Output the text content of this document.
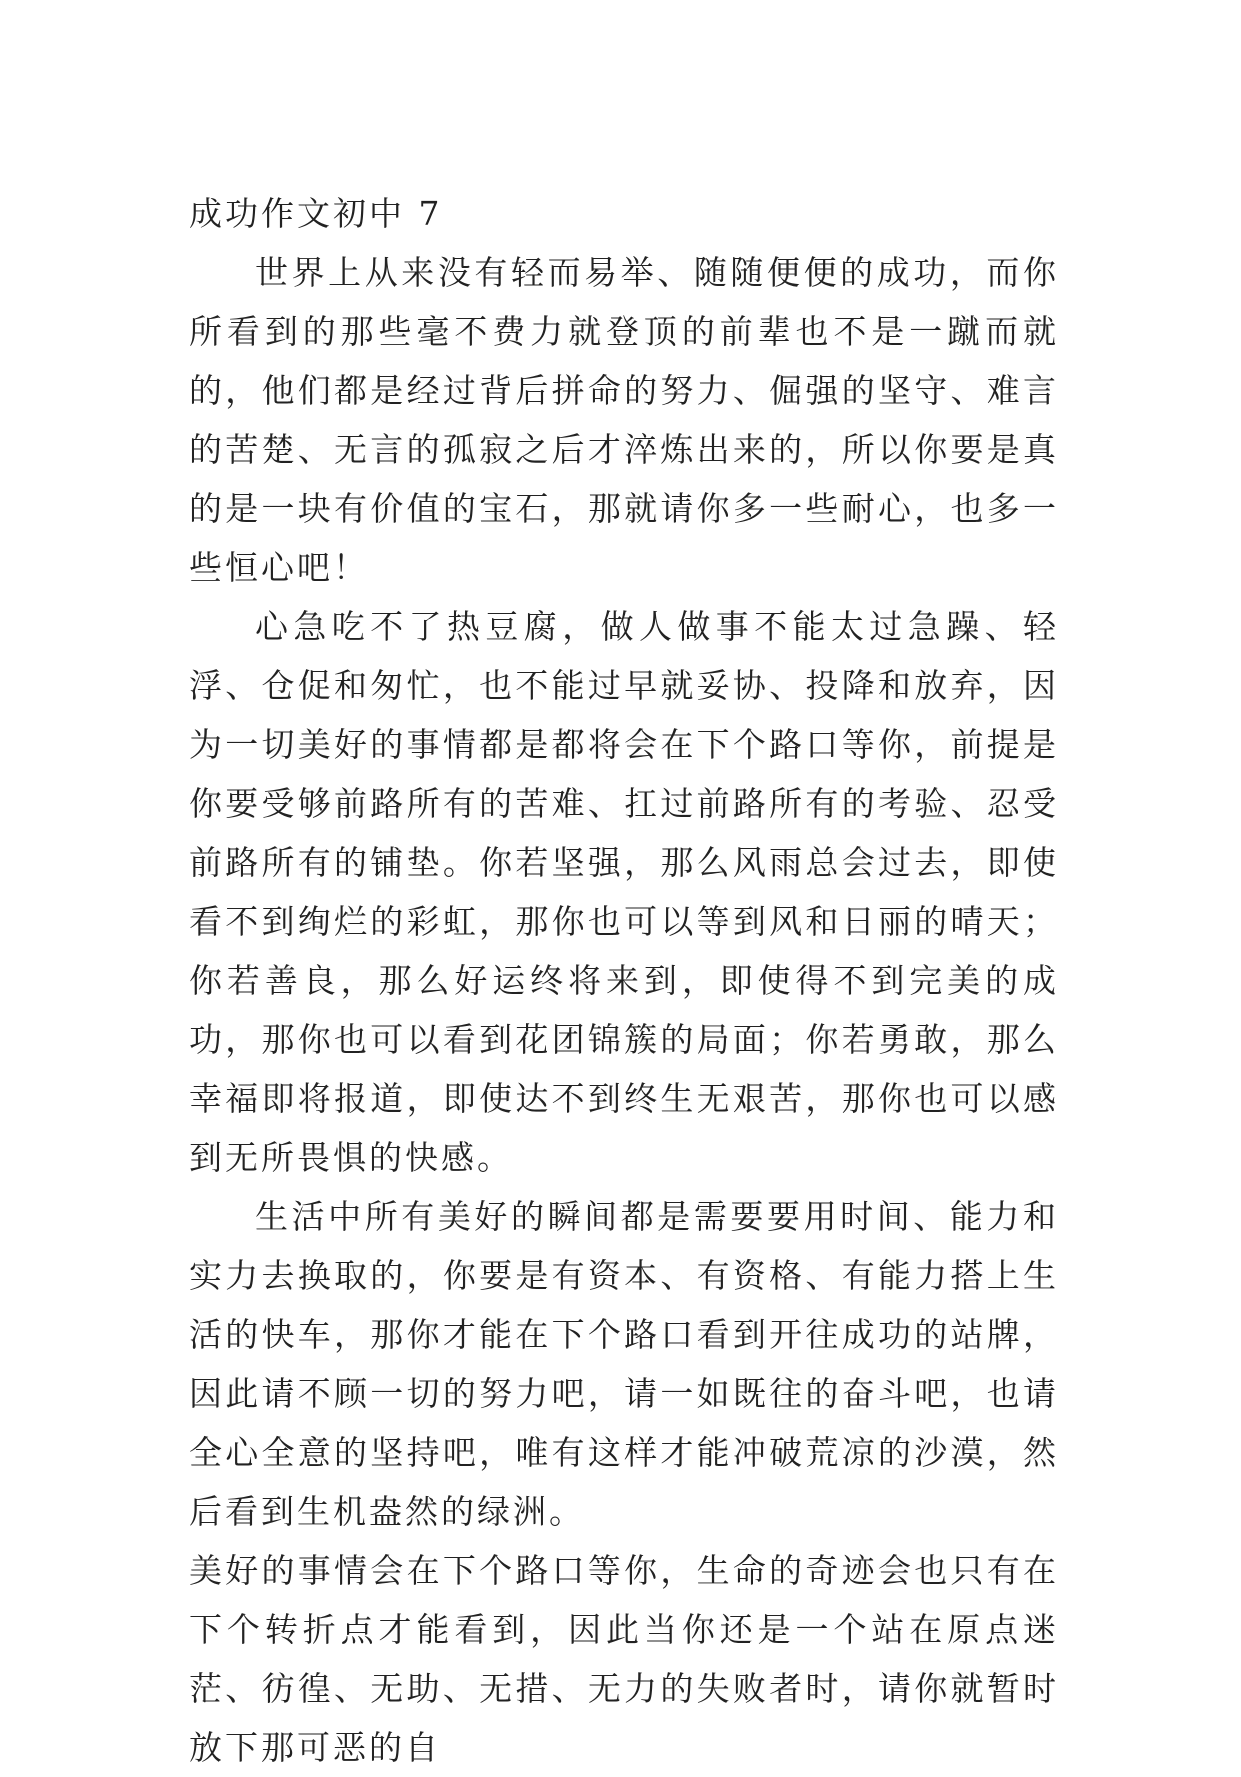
成功作文初中 7

世界上从来没有轻而易举、随随便便的成功，而你所看到的那些毫不费力就登顶的前辈也不是一蹴而就的，他们都是经过背后拼命的努力、倔强的坚守、难言的苦楚、无言的孤寂之后才淬炼出来的，所以你要是真的是一块有价值的宝石，那就请你多一些耐心，也多一些恒心吧！

心急吃不了热豆腐，做人做事不能太过急躁、轻浮、仓促和匆忙，也不能过早就妥协、投降和放弃，因为一切美好的事情都是都将会在下个路口等你，前提是你要受够前路所有的苦难、扛过前路所有的考验、忍受前路所有的铺垫。你若坚强，那么风雨总会过去，即使看不到绚烂的彩虹，那你也可以等到风和日丽的晴天；你若善良，那么好运终将来到，即使得不到完美的成功，那你也可以看到花团锦簇的局面；你若勇敢，那么幸福即将报道，即使达不到终生无艰苦，那你也可以感到无所畏惧的快感。

生活中所有美好的瞬间都是需要要用时间、能力和实力去换取的，你要是有资本、有资格、有能力搭上生活的快车，那你才能在下个路口看到开往成功的站牌，因此请不顾一切的努力吧，请一如既往的奋斗吧，也请全心全意的坚持吧，唯有这样才能冲破荒凉的沙漠，然后看到生机盎然的绿洲。

美好的事情会在下个路口等你，生命的奇迹会也只有在下个转折点才能看到，因此当你还是一个站在原点迷茫、彷徨、无助、无措、无力的失败者时，请你就暂时放下那可恶的自
